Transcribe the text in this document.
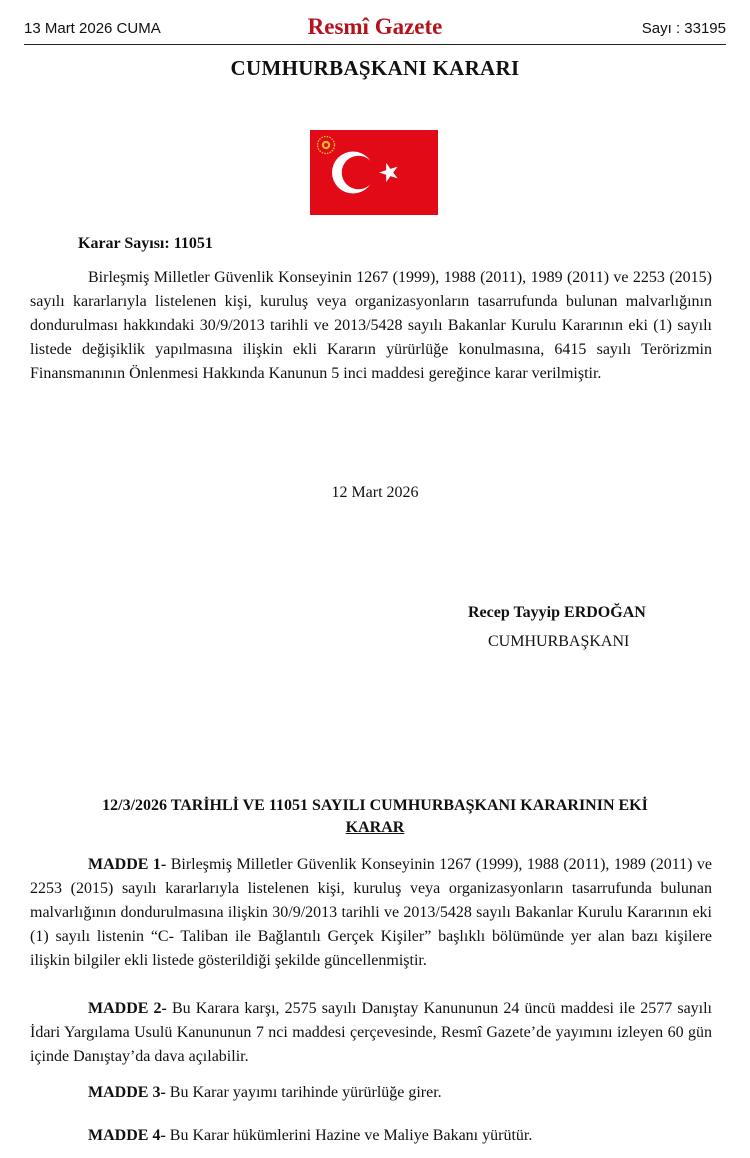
13 Mart 2026 CUMA	Resmî Gazete	Sayı : 33195
CUMHURBAŞKANI KARARI
Karar Sayısı: 11051

Birleşmiş Milletler Güvenlik Konseyinin 1267 (1999), 1988 (2011), 1989 (2011) ve 2253 (2015) sayılı kararlarıyla listelenen kişi, kuruluş veya organizasyonların tasarrufunda bulunan malvarlığının dondurulması hakkındaki 30/9/2013 tarihli ve 2013/5428 sayılı Bakanlar Kurulu Kararının eki (1) sayılı listede değişiklik yapılmasına ilişkin ekli Kararın yürürlüğe konulmasına, 6415 sayılı Terörizmin Finansmanının Önlenmesi Hakkında Kanunun 5 inci maddesi gereğince karar verilmiştir.

12 Mart 2026
Recep Tayyip ERDOĞAN
CUMHURBAŞKANI
12/3/2026 TARİHLİ VE 11051 SAYILI CUMHURBAŞKANI KARARININ EKİ
KARAR

MADDE 1- Birleşmiş Milletler Güvenlik Konseyinin 1267 (1999), 1988 (2011), 1989 (2011) ve 2253 (2015) sayılı kararlarıyla listelenen kişi, kuruluş veya organizasyonların tasarrufunda bulunan malvarlığının dondurulmasına ilişkin 30/9/2013 tarihli ve 2013/5428 sayılı Bakanlar Kurulu Kararının eki (1) sayılı listenin “C- Taliban ile Bağlantılı Gerçek Kişiler” başlıklı bölümünde yer alan bazı kişilere ilişkin bilgiler ekli listede gösterildiği şekilde güncellenmiştir.

MADDE 2- Bu Karara karşı, 2575 sayılı Danıştay Kanununun 24 üncü maddesi ile 2577 sayılı İdari Yargılama Usulü Kanununun 7 nci maddesi çerçevesinde, Resmî Gazete’de yayımını izleyen 60 gün içinde Danıştay’da dava açılabilir.

MADDE 3- Bu Karar yayımı tarihinde yürürlüğe girer.

MADDE 4- Bu Karar hükümlerini Hazine ve Maliye Bakanı yürütür.
